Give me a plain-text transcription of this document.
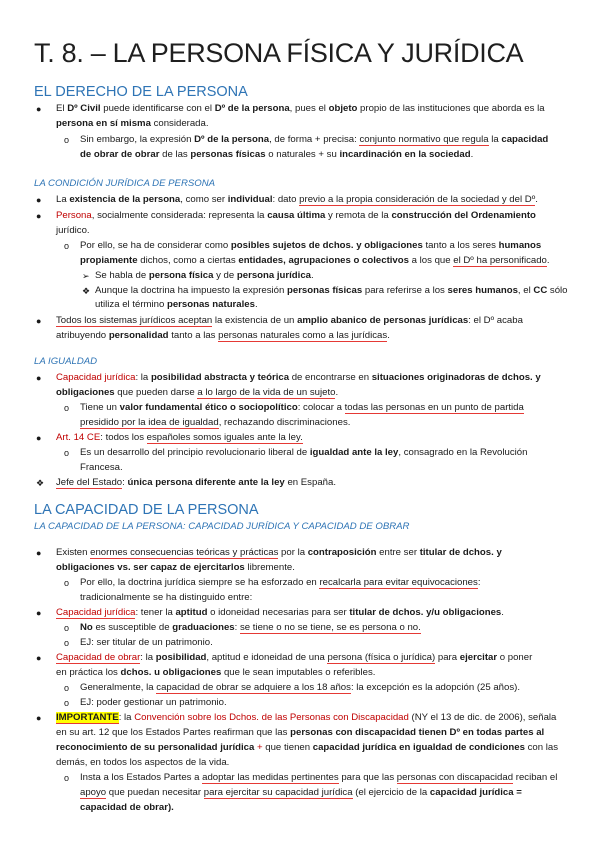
T. 8. – LA PERSONA FÍSICA Y JURÍDICA
EL DERECHO DE LA PERSONA
● El Dº Civil puede identificarse con el Dº de la persona, pues el objeto propio de las instituciones que aborda es la
persona en sí misma considerada.
o Sin embargo, la expresión Dº de la persona, de forma + precisa: conjunto normativo que regula la capacidad
de obrar de obrar de las personas físicas o naturales + su incardinación en la sociedad.
LA CONDICIÓN JURÍDICA DE PERSONA
● La existencia de la persona, como ser individual: dato previo a la propia consideración de la sociedad y del Dº.
● Persona, socialmente considerada: representa la causa última y remota de la construcción del Ordenamiento
jurídico.
o Por ello, se ha de considerar como posibles sujetos de dchos. y obligaciones tanto a los seres humanos
propiamente dichos, como a ciertas entidades, agrupaciones o colectivos a los que el Dº ha personificado.
➢ Se habla de persona física y de persona jurídica.
❖ Aunque la doctrina ha impuesto la expresión personas físicas para referirse a los seres humanos, el CC sólo
utiliza el término personas naturales.
● Todos los sistemas jurídicos aceptan la existencia de un amplio abanico de personas jurídicas: el Dº acaba
atribuyendo personalidad tanto a las personas naturales como a las jurídicas.
LA IGUALDAD
● Capacidad jurídica: la posibilidad abstracta y teórica de encontrarse en situaciones originadoras de dchos. y
obligaciones que pueden darse a lo largo de la vida de un sujeto.
o Tiene un valor fundamental ético o sociopolítico: colocar a todas las personas en un punto de partida
presidido por la idea de igualdad, rechazando discriminaciones.
● Art. 14 CE: todos los españoles somos iguales ante la ley.
o Es un desarrollo del principio revolucionario liberal de igualdad ante la ley, consagrado en la Revolución
Francesa.
❖ Jefe del Estado: única persona diferente ante la ley en España.
LA CAPACIDAD DE LA PERSONA
LA CAPACIDAD DE LA PERSONA: CAPACIDAD JURÍDICA Y CAPACIDAD DE OBRAR
● Existen enormes consecuencias teóricas y prácticas por la contraposición entre ser titular de dchos. y
obligaciones vs. ser capaz de ejercitarlos libremente.
o Por ello, la doctrina jurídica siempre se ha esforzado en recalcarla para evitar equivocaciones:
tradicionalmente se ha distinguido entre:
● Capacidad jurídica: tener la aptitud o idoneidad necesarias para ser titular de dchos. y/u obligaciones.
o No es susceptible de graduaciones: se tiene o no se tiene, se es persona o no.
o EJ: ser titular de un patrimonio.
● Capacidad de obrar: la posibilidad, aptitud e idoneidad de una persona (física o jurídica) para ejercitar o poner
en práctica los dchos. u obligaciones que le sean imputables o referibles.
o Generalmente, la capacidad de obrar se adquiere a los 18 años: la excepción es la adopción (25 años).
o EJ: poder gestionar un patrimonio.
● IMPORTANTE: la Convención sobre los Dchos. de las Personas con Discapacidad (NY el 13 de dic. de 2006), señala
en su art. 12 que los Estados Partes reafirman que las personas con discapacidad tienen Dº en todas partes al
reconocimiento de su personalidad jurídica + que tienen capacidad jurídica en igualdad de condiciones con las
demás, en todos los aspectos de la vida.
o Insta a los Estados Partes a adoptar las medidas pertinentes para que las personas con discapacidad reciban el
apoyo que puedan necesitar para ejercitar su capacidad jurídica (el ejercicio de la capacidad jurídica =
capacidad de obrar).
